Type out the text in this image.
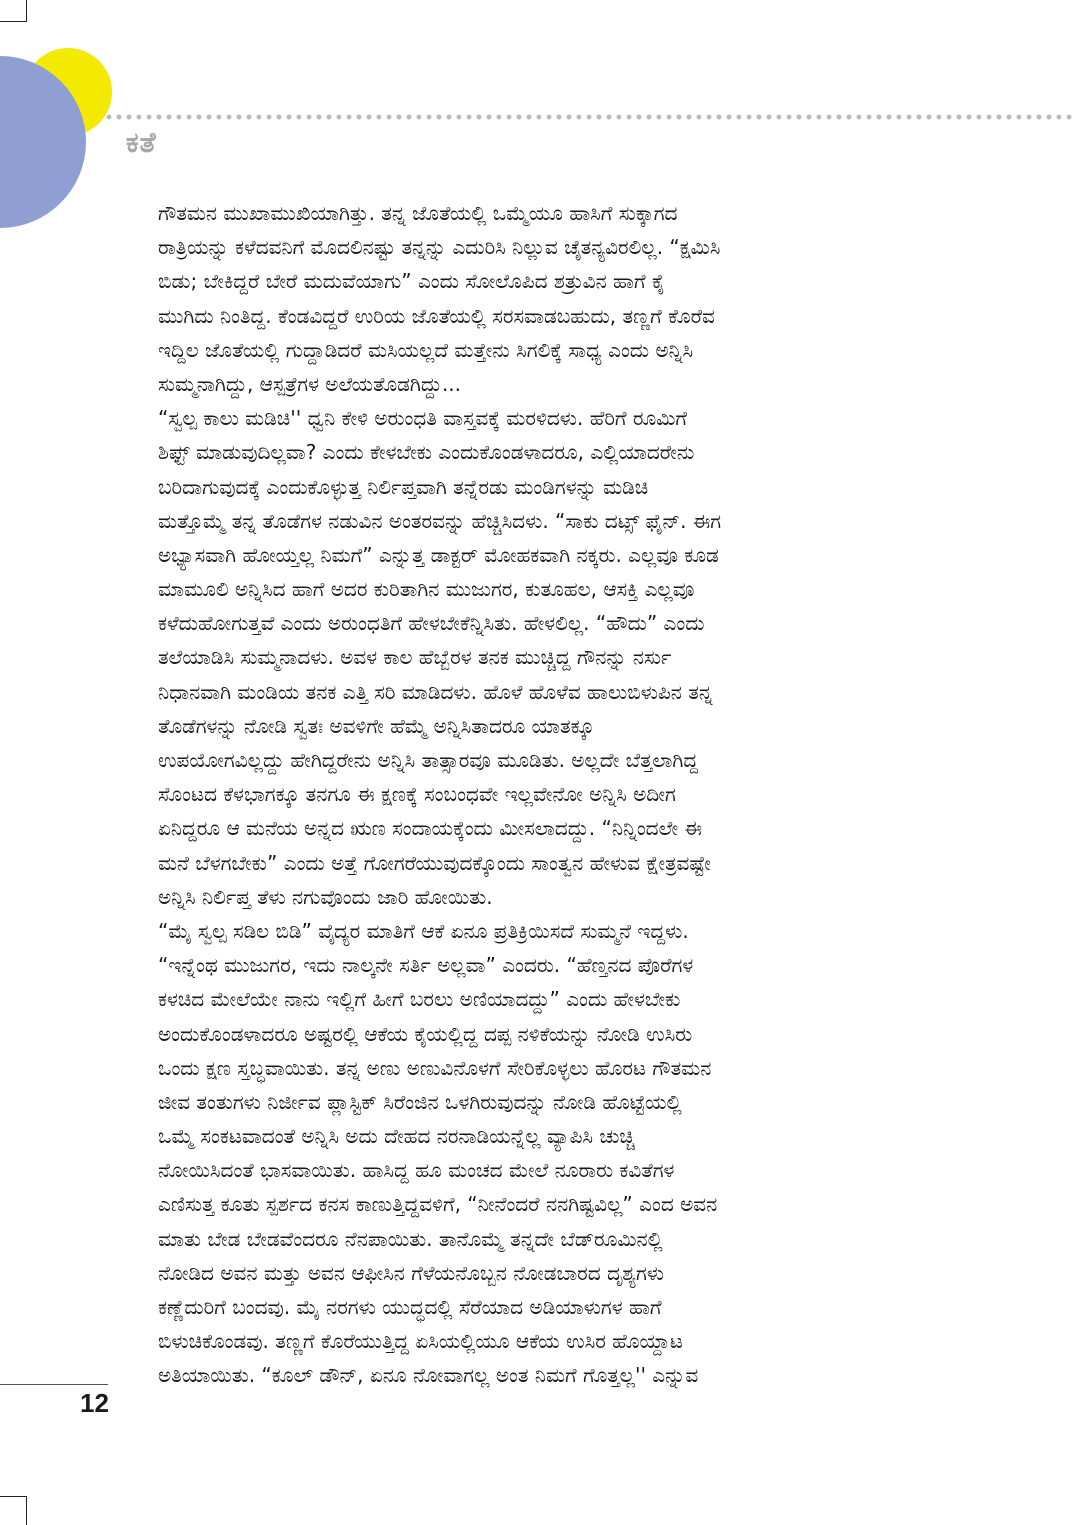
ಕತೆ
ಗೌತಮನ ಮುಖಾಮುಖಿಯಾಗಿತ್ತು. ತನ್ನ ಜೊತೆಯಲ್ಲಿ ಒಮ್ಮೆಯೂ ಹಾಸಿಗೆ ಸುಕ್ಕಾಗದ
ರಾತ್ರಿಯನ್ನು ಕಳೆದವನಿಗೆ ಮೊದಲಿನಷ್ಟು ತನ್ನನ್ನು ಎದುರಿಸಿ ನಿಲ್ಲುವ ಚೈತನ್ಯವಿರಲಿಲ್ಲ. “ಕ್ಷಮಿಸಿ
ಬಿಡು; ಬೇಕಿದ್ದರೆ ಬೇರೆ ಮದುವೆಯಾಗು” ಎಂದು ಸೋಲೊಪಿದ ಶತ್ರುವಿನ ಹಾಗೆ ಕೈ
ಮುಗಿದು ನಿಂತಿದ್ದ. ಕೆಂಡವಿದ್ದರೆ ಉರಿಯ ಜೊತೆಯಲ್ಲಿ ಸರಸವಾಡಬಹುದು, ತಣ್ಣಗೆ ಕೊರೆವ
ಇದ್ದಿಲ ಜೊತೆಯಲ್ಲಿ ಗುದ್ದಾಡಿದರೆ ಮಸಿಯಲ್ಲದೆ ಮತ್ತೇನು ಸಿಗಲಿಕ್ಕೆ ಸಾಧ್ಯ ಎಂದು ಅನ್ನಿಸಿ
ಸುಮ್ಮನಾಗಿದ್ದು, ಆಸ್ಪತ್ರೆಗಳ ಅಲೆಯತೊಡಗಿದ್ದು...
“ಸ್ವಲ್ಪ ಕಾಲು ಮಡಿಚಿ'' ಧ್ವನಿ ಕೇಳಿ ಅರುಂಧತಿ ವಾಸ್ತವಕ್ಕೆ ಮರಳಿದಳು. ಹೆರಿಗೆ ರೂಮಿಗೆ
ಶಿಫ್ಟ್ ಮಾಡುವುದಿಲ್ಲವಾ? ಎಂದು ಕೇಳಬೇಕು ಎಂದುಕೊಂಡಳಾದರೂ, ಎಲ್ಲಿಯಾದರೇನು
ಬರಿದಾಗುವುದಕ್ಕೆ ಎಂದುಕೊಳ್ಳುತ್ತ ನಿರ್ಲಿಪ್ತವಾಗಿ ತನ್ನೆರಡು ಮಂಡಿಗಳನ್ನು ಮಡಿಚಿ
ಮತ್ತೊಮ್ಮೆ ತನ್ನ ತೊಡೆಗಳ ನಡುವಿನ ಅಂತರವನ್ನು ಹೆಚ್ಚಿಸಿದಳು. “ಸಾಕು ದಟ್ಸ್ ಫೈನ್. ಈಗ
ಅಭ್ಯಾಸವಾಗಿ ಹೋಯ್ತಲ್ಲ ನಿಮಗೆ” ಎನ್ನುತ್ತ ಡಾಕ್ಟರ್ ಮೋಹಕವಾಗಿ ನಕ್ಕರು. ಎಲ್ಲವೂ ಕೂಡ
ಮಾಮೂಲಿ ಅನ್ನಿಸಿದ ಹಾಗೆ ಅದರ ಕುರಿತಾಗಿನ ಮುಜುಗರ, ಕುತೂಹಲ, ಆಸಕ್ತಿ ಎಲ್ಲವೂ
ಕಳೆದುಹೋಗುತ್ತವೆ ಎಂದು ಅರುಂಧತಿಗೆ ಹೇಳಬೇಕೆನ್ನಿಸಿತು. ಹೇಳಲಿಲ್ಲ. “ಹೌದು” ಎಂದು
ತಲೆಯಾಡಿಸಿ ಸುಮ್ಮನಾದಳು. ಅವಳ ಕಾಲ ಹೆಬ್ಬೆರಳ ತನಕ ಮುಚ್ಚಿದ್ದ ಗೌನನ್ನು ನರ್ಸು
ನಿಧಾನವಾಗಿ ಮಂಡಿಯ ತನಕ ಎತ್ತಿ ಸರಿ ಮಾಡಿದಳು. ಹೊಳೆ ಹೊಳೆವ ಹಾಲುಬಿಳುಪಿನ ತನ್ನ
ತೊಡೆಗಳನ್ನು ನೋಡಿ ಸ್ವತಃ ಅವಳಿಗೇ ಹೆಮ್ಮೆ ಅನ್ನಿಸಿತಾದರೂ ಯಾತಕ್ಕೂ
ಉಪಯೋಗವಿಲ್ಲದ್ದು ಹೇಗಿದ್ದರೇನು ಅನ್ನಿಸಿ ತಾತ್ಸಾರವೂ ಮೂಡಿತು. ಅಲ್ಲದೇ ಬೆತ್ತಲಾಗಿದ್ದ
ಸೊಂಟದ ಕೆಳಭಾಗಕ್ಕೂ ತನಗೂ ಈ ಕ್ಷಣಕ್ಕೆ ಸಂಬಂಧವೇ ಇಲ್ಲವೇನೋ ಅನ್ನಿಸಿ ಅದೀಗ
ಏನಿದ್ದರೂ ಆ ಮನೆಯ ಅನ್ನದ ಋಣ ಸಂದಾಯಕ್ಕೆಂದು ಮೀಸಲಾದದ್ದು. “ನಿನ್ನಿಂದಲೇ ಈ
ಮನೆ ಬೆಳಗಬೇಕು” ಎಂದು ಅತ್ತೆ ಗೋಗರೆಯುವುದಕ್ಕೊಂದು ಸಾಂತ್ವನ ಹೇಳುವ ಕ್ಷೇತ್ರವಷ್ಟೇ
ಅನ್ನಿಸಿ ನಿರ್ಲಿಪ್ತ ತೆಳು ನಗುವೊಂದು ಜಾರಿ ಹೋಯಿತು.
“ಮೈ ಸ್ವಲ್ಪ ಸಡಿಲ ಬಿಡಿ” ವೈದ್ಯರ ಮಾತಿಗೆ ಆಕೆ ಏನೂ ಪ್ರತಿಕ್ರಿಯಿಸದೆ ಸುಮ್ಮನೆ ಇದ್ದಳು.
“ಇನ್ನೆಂಥ ಮುಜುಗರ, ಇದು ನಾಲ್ಕನೇ ಸರ್ತಿ ಅಲ್ಲವಾ” ಎಂದರು. “ಹೆಣ್ತನದ ಪೊರೆಗಳ
ಕಳಚಿದ ಮೇಲೆಯೇ ನಾನು ಇಲ್ಲಿಗೆ ಹೀಗೆ ಬರಲು ಅಣಿಯಾದದ್ದು” ಎಂದು ಹೇಳಬೇಕು
ಅಂದುಕೊಂಡಳಾದರೂ ಅಷ್ಟರಲ್ಲಿ ಆಕೆಯ ಕೈಯಲ್ಲಿದ್ದ ದಪ್ಪ ನಳಿಕೆಯನ್ನು ನೋಡಿ ಉಸಿರು
ಒಂದು ಕ್ಷಣ ಸ್ತಬ್ಧವಾಯಿತು. ತನ್ನ ಅಣು ಅಣುವಿನೊಳಗೆ ಸೇರಿಕೊಳ್ಳಲು ಹೊರಟ ಗೌತಮನ
ಜೀವ ತಂತುಗಳು ನಿರ್ಜೀವ ಪ್ಲಾಸ್ಟಿಕ್ ಸಿರೆಂಜಿನ ಒಳಗಿರುವುದನ್ನು ನೋಡಿ ಹೊಟ್ಟೆಯಲ್ಲಿ
ಒಮ್ಮೆ ಸಂಕಟವಾದಂತೆ ಅನ್ನಿಸಿ ಅದು ದೇಹದ ನರನಾಡಿಯನ್ನೆಲ್ಲ ವ್ಯಾಪಿಸಿ ಚುಚ್ಚಿ
ನೋಯಿಸಿದಂತೆ ಭಾಸವಾಯಿತು. ಹಾಸಿದ್ದ ಹೂ ಮಂಚದ ಮೇಲೆ ನೂರಾರು ಕವಿತೆಗಳ
ಎಣಿಸುತ್ತ ಕೂತು ಸ್ಪರ್ಶದ ಕನಸ ಕಾಣುತ್ತಿದ್ದವಳಿಗೆ, “ನೀನೆಂದರೆ ನನಗಿಷ್ಟವಿಲ್ಲ” ಎಂದ ಅವನ
ಮಾತು ಬೇಡ ಬೇಡವೆಂದರೂ ನೆನಪಾಯಿತು. ತಾನೊಮ್ಮೆ ತನ್ನದೇ ಬೆಡ್‌ರೂಮಿನಲ್ಲಿ
ನೋಡಿದ ಅವನ ಮತ್ತು ಅವನ ಆಫೀಸಿನ ಗೆಳೆಯನೊಬ್ಬನ ನೋಡಬಾರದ ದೃಶ್ಯಗಳು
ಕಣ್ಣೆದುರಿಗೆ ಬಂದವು. ಮೈ ನರಗಳು ಯುದ್ಧದಲ್ಲಿ ಸೆರೆಯಾದ ಅಡಿಯಾಳುಗಳ ಹಾಗೆ
ಬಿಳುಚಿಕೊಂಡವು. ತಣ್ಣಗೆ ಕೊರೆಯುತ್ತಿದ್ದ ಏಸಿಯಲ್ಲಿಯೂ ಆಕೆಯ ಉಸಿರ ಹೊಯ್ದಾಟ
ಅತಿಯಾಯಿತು. “ಕೂಲ್ ಡೌನ್, ಏನೂ ನೋವಾಗಲ್ಲ ಅಂತ ನಿಮಗೆ ಗೊತ್ತಲ್ಲ'' ಎನ್ನುವ
12
